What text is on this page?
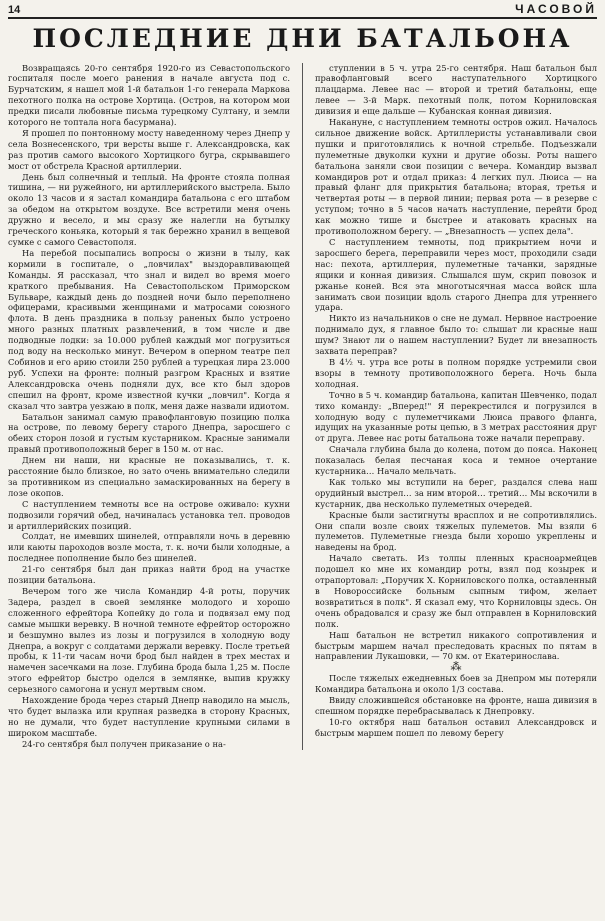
14	ЧАСОВОЙ
ПОСЛЕДНИЕ ДНИ БАТАЛЬОНА

Возвращаясь 20-го сентября 1920-го из Севастопольского госпиталя после моего ранения в начале августа под с. Бурчатским, я нашел мой 1-й батальон 1-го генерала Маркова пехотного полка на острове Хортица. (Остров, на котором мои предки писали любовные письма турецкому Султану, и земли которого не топтала нога басурмана).

Я прошел по понтонному мосту наведенному через Днепр у села Вознесенского, три версты выше г. Александровска, как раз против самого высокого Хортицкого бугра, скрывавшего мост от обстрела Красной артиллерии.

День был солнечный и теплый. На фронте стояла полная тишина, — ни ружейного, ни артиллерийского выстрела. Было около 13 часов и я застал командира батальона с его штабом за обедом на открытом воздухе. Все встретили меня очень дружно и весело, и мы сразу же налегли на бутылку греческого коньяка, который я так бережно хранил в вещевой сумке с самого Севастополя.

На перебой посыпались вопросы о жизни в тылу, как кормили в госпитале, о „ловчилах" выздоравливающей Команды. Я рассказал, что знал и видел во время моего краткого пребывания. На Севастопольском Приморском Бульваре, каждый день до поздней ночи было переполнено офицерами, красивыми женщинами и матросами союзного флота. В день праздника в пользу раненых было устроено много разных платных развлечений, в том числе и две подводные лодки: за 10.000 рублей каждый мог погрузиться под воду на несколько минут. Вечером в оперном театре пел Собинов и его арию стоили 250 рублей а турецкая лира 23.000 руб. Успехи на фронте: полный разгром Красных и взятие Александровска очень подняли дух, все кто был здоров спешил на фронт, кроме известной кучки „ловчил". Когда я сказал что завтра уезжаю в полк, меня даже назвали идиотом.

Батальон занимал самую правофланговую позицию полка на острове, по левому берегу старого Днепра, заросшего с обеих сторон лозой и густым кустарником. Красные занимали правый противоположный берег в 150 м. от нас.

Днем ни наши, ни красные не показывались, т. к. расстояние было близкое, но зато очень внимательно следили за противником из специально замаскированных на берегу в лозе окопов.

С наступлением темноты все на острове оживало: кухни подвозили горячий обед, начиналась установка тел. проводов и артиллерийских позиций.

Солдат, не имевших шинелей, отправляли ночь в деревню или каюты пароходов возле моста, т. к. ночи были холодные, а последнее пополнение было без шинелей.

21-го сентября был дан приказ найти брод на участке позиции батальона.

Вечером того же числа Командир 4-й роты, поручик Задера, раздел в своей землянке молодого и хорошо сложенного ефрейтора Копейку до гола и подвязал ему под самые мышки веревку. В ночной темноте ефрейтор осторожно и безшумно вылез из лозы и погрузился в холодную воду Днепра, а вокруг с солдатами держали веревку. После третьей пробы, к 11-ти часам ночи брод был найден в трех местах и намечен засечками на лозе. Глубина брода была 1,25 м. После этого ефрейтор быстро оделся в землянке, выпив кружку серьезного самогона и уснул мертвым сном.

Нахождение брода через старый Днепр наводило на мысль, что будет вылазка или крупная разведка в сторону Красных, но не думали, что будет наступление крупными силами в широком масштабе.

24-го сентября был получен приказание о на-

ступлении в 5 ч. утра 25-го сентября. Наш батальон был правофланговый всего наступательного Хортицкого плацдарма. Левее нас — второй и третий батальоны, еще левее — 3-й Марк. пехотный полк, потом Корниловская дивизия и еще дальше — Кубанская конная дивизия.

Накануне, с наступлением темноты остров ожил. Началось сильное движение войск. Артиллеристы устанавливали свои пушки и приготовлялись к ночной стрельбе. Подъезжали пулеметные двуколки кухни и другие обозы. Роты нашего батальона заняли свои позиции с вечера. Командир вызвал командиров рот и отдал приказ: 4 легких пул. Люиса — на правый фланг для прикрытия батальона; вторая, третья и четвертая роты — в первой линии; первая рота — в резерве с уступом; точно в 5 часов начать наступление, перейти брод как можно тише и быстрее и атаковать красных на противоположном берегу. — „Внезапность — успех дела".

С наступлением темноты, под прикрытием ночи и заросшего берега, переправили через мост, проходили сзади нас: пехота, артиллерия, пулеметные тачанки, зарядные ящики и конная дивизия. Слышался шум, скрип повозок и ржанье коней. Вся эта многотысячная масса войск шла занимать свои позиции вдоль старого Днепра для утреннего удара.

Никто из начальников о сне не думал. Нервное настроение поднимало дух, я главное было то: слышат ли красные наш шум? Знают ли о нашем наступлении? Будет ли внезапность захвата переправ?

В 4½ ч. утра все роты в полном порядке устремили свои взоры в темноту противоположного берега. Ночь была холодная.

Точно в 5 ч. командир батальона, капитан Шевченко, подал тихо команду: „Вперед!" Я перекрестился и погрузился в холодную воду с пулеметчиками Люиса правого фланга, идущих на указанные роты цепью, в 3 метрах расстояния друг от друга. Левее нас роты батальона тоже начали переправу.

Сначала глубина была до колена, потом до пояса. Наконец показалась белая песчаная коса и темное очертание кустарника… Начало мельчать.

Как только мы вступили на берег, раздался слева наш орудийный выстрел… за ним второй… третий… Мы вскочили в кустарник, два несколько пулеметных очередей.

Красные были застигнуты врасплох и не сопротивлялись. Они спали возле своих тяжелых пулеметов. Мы взяли 6 пулеметов. Пулеметные гнезда были хорошо укреплены и наведены на брод.

Начало светать. Из толпы пленных красноармейцев подошел ко мне их командир роты, взял под козырек и отрапортовал: „Поручик Х. Корниловского полка, оставленный в Новороссийске больным сыпным тифом, желает возвратиться в полк". Я сказал ему, что Корниловцы здесь. Он очень обрадовался и сразу же был отправлен в Корниловский полк.

Наш батальон не встретил никакого сопротивления и быстрым маршем начал преследовать красных по пятам в направлении Лукашовки, — 70 км. от Екатеринослава.

⁂

После тяжелых ежедневных боев за Днепром мы потеряли Командира батальона и около 1/3 состава.

Ввиду сложившейся обстановке на фронте, наша дивизия в спешном порядке перебрасывалась к Днепровку.

10-го октября наш батальон оставил Александровск и быстрым маршем пошел по левому берегу
